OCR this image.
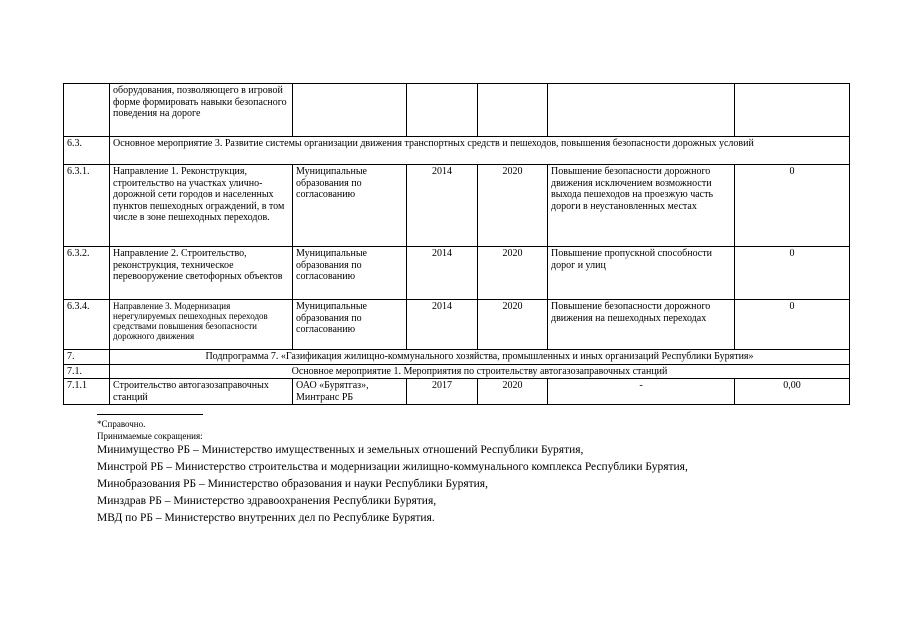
	оборудования, позволяющего в игровой форме формировать навыки безопасного поведения на дороге					
6.3.	Основное мероприятие 3. Развитие системы организации движения транспортных средств и пешеходов, повышения безопасности дорожных условий					
6.3.1.	Направление 1. Реконструкция, строительство на участках улично-дорожной сети городов и населенных пунктов пешеходных ограждений, в том числе в зоне пешеходных переходов.	Муниципальные образования по согласованию	2014	2020	Повышение безопасности дорожного движения исключением возможности выхода пешеходов на проезжую часть дороги в неустановленных местах	0
6.3.2.	Направление 2. Строительство, реконструкция, техническое перевооружение светофорных объектов	Муниципальные образования по согласованию	2014	2020	Повышение пропускной способности дорог и улиц	0
6.3.4.	Направление 3. Модернизация нерегулируемых пешеходных переходов средствами повышения безопасности дорожного движения	Муниципальные образования по согласованию	2014	2020	Повышение безопасности дорожного движения на пешеходных переходах	0
7.	Подпрограмма 7. «Газификация жилищно-коммунального хозяйства, промышленных и иных организаций Республики Бурятия»					
7.1.	Основное мероприятие 1. Мероприятия по строительству автогазозаправочных станций					
7.1.1	Строительство автогазозаправочных станций	ОАО «Бурятгаз», Минтранс РБ	2017	2020	-	0,00
*Справочно.
Принимаемые сокращения:
Минимущество РБ – Министерство имущественных и земельных отношений Республики Бурятия,
Минстрой РБ – Министерство строительства и модернизации жилищно-коммунального комплекса Республики Бурятия,
Минобразования РБ – Министерство образования и науки Республики Бурятия,
Минздрав РБ – Министерство здравоохранения Республики Бурятия,
МВД по РБ – Министерство внутренних дел по Республике Бурятия.
